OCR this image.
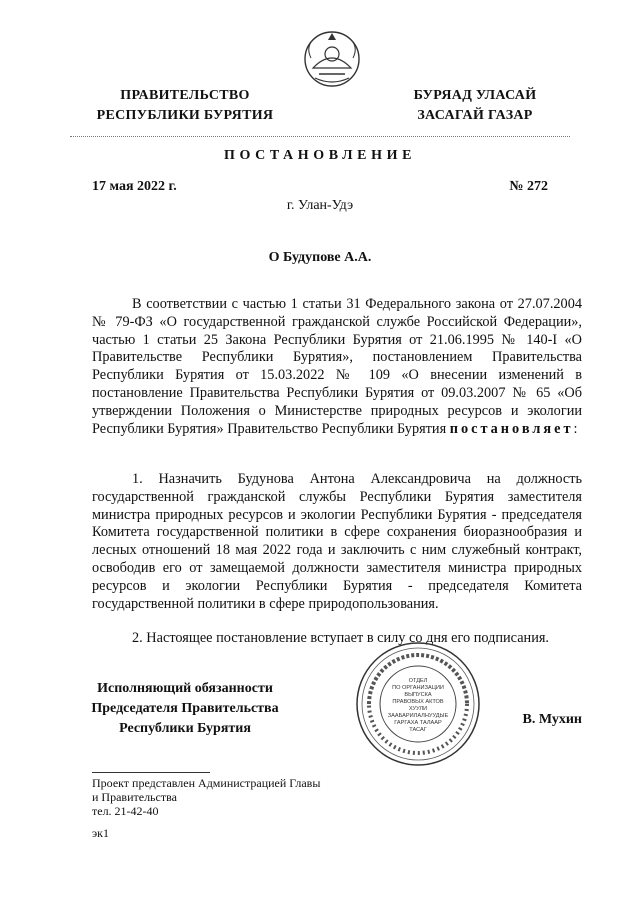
ПРАВИТЕЛЬСТВО
РЕСПУБЛИКИ БУРЯТИЯ
БУРЯАД УЛАСАЙ
ЗАСАГАЙ ГАЗАР
ПОСТАНОВЛЕНИЕ
17 мая 2022 г.	№ 272
г. Улан-Удэ
О Будупове А.А.
В соответствии с частью 1 статьи 31 Федерального закона от 27.07.2004 № 79-ФЗ «О государственной гражданской службе Российской Федерации», частью 1 статьи 25 Закона Республики Бурятия от 21.06.1995 № 140-I «О Правительстве Республики Бурятия», постановлением Правительства Республики Бурятия от 15.03.2022 № 109 «О внесении изменений в постановление Правительства Республики Бурятия от 09.03.2007 № 65 «Об утверждении Положения о Министерстве природных ресурсов и экологии Республики Бурятия» Правительство Республики Бурятия постановляет:
1. Назначить Будунова Антона Александровича на должность государственной гражданской службы Республики Бурятия заместителя министра природных ресурсов и экологии Республики Бурятия - председателя Комитета государственной политики в сфере сохранения биоразнообразия и лесных отношений 18 мая 2022 года и заключить с ним служебный контракт, освободив его от замещаемой должности заместителя министра природных ресурсов и экологии Республики Бурятия - председателя Комитета государственной политики в сфере природопользования.
2. Настоящее постановление вступает в силу со дня его подписания.
Исполняющий обязанности
Председателя Правительства
Республики Бурятия
ОТДЕЛ
ПО ОРГАНИЗАЦИИ
ВЫПУСКА
ПРАВОВЫХ АКТОВ
ХУУЛИ
ЗААБАРИЛАЛНУУДЫЕ
ГАРГАХА ТАЛААР
ТАСАГ
В. Мухин
Проект представлен Администрацией Главы
и Правительства
тел. 21-42-40
эк1
